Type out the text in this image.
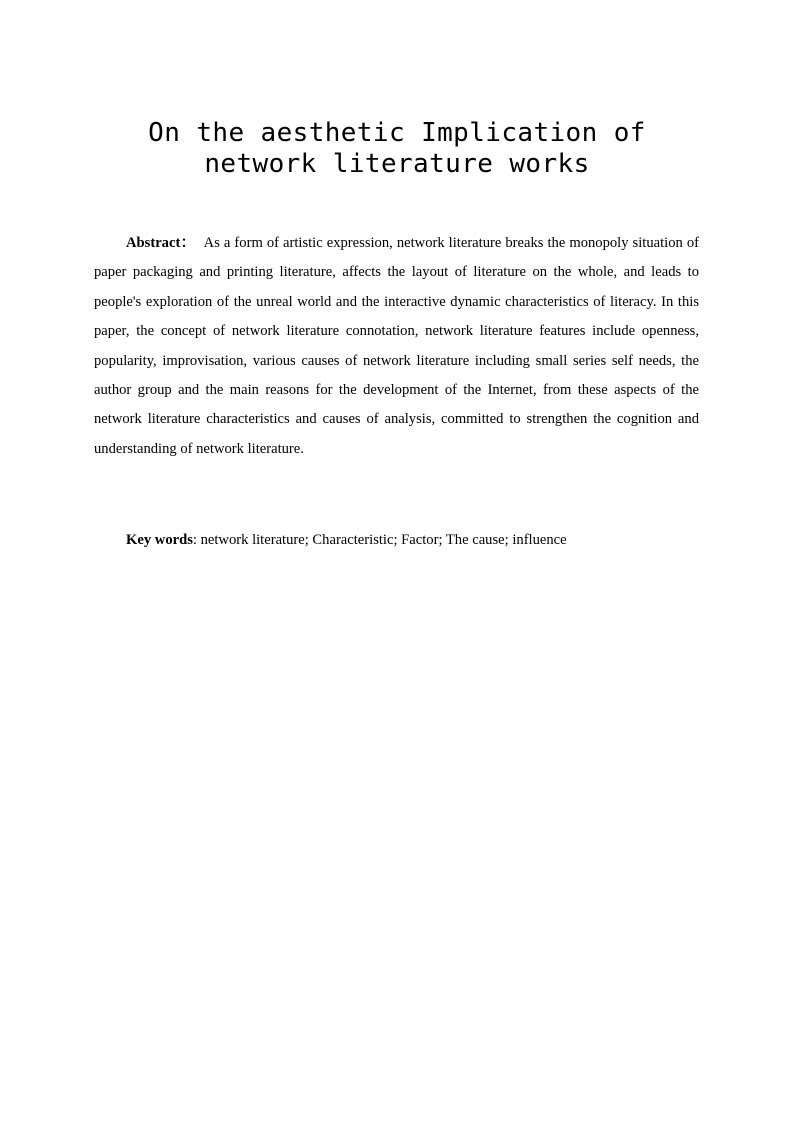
On the aesthetic Implication of network literature works

Abstract： As a form of artistic expression, network literature breaks the monopoly situation of paper packaging and printing literature, affects the layout of literature on the whole, and leads to people's exploration of the unreal world and the interactive dynamic characteristics of literacy. In this paper, the concept of network literature connotation, network literature features include openness, popularity, improvisation, various causes of network literature including small series self needs, the author group and the main reasons for the development of the Internet, from these aspects of the network literature characteristics and causes of analysis, committed to strengthen the cognition and understanding of network literature.

Key words: network literature; Characteristic; Factor; The cause; influence
